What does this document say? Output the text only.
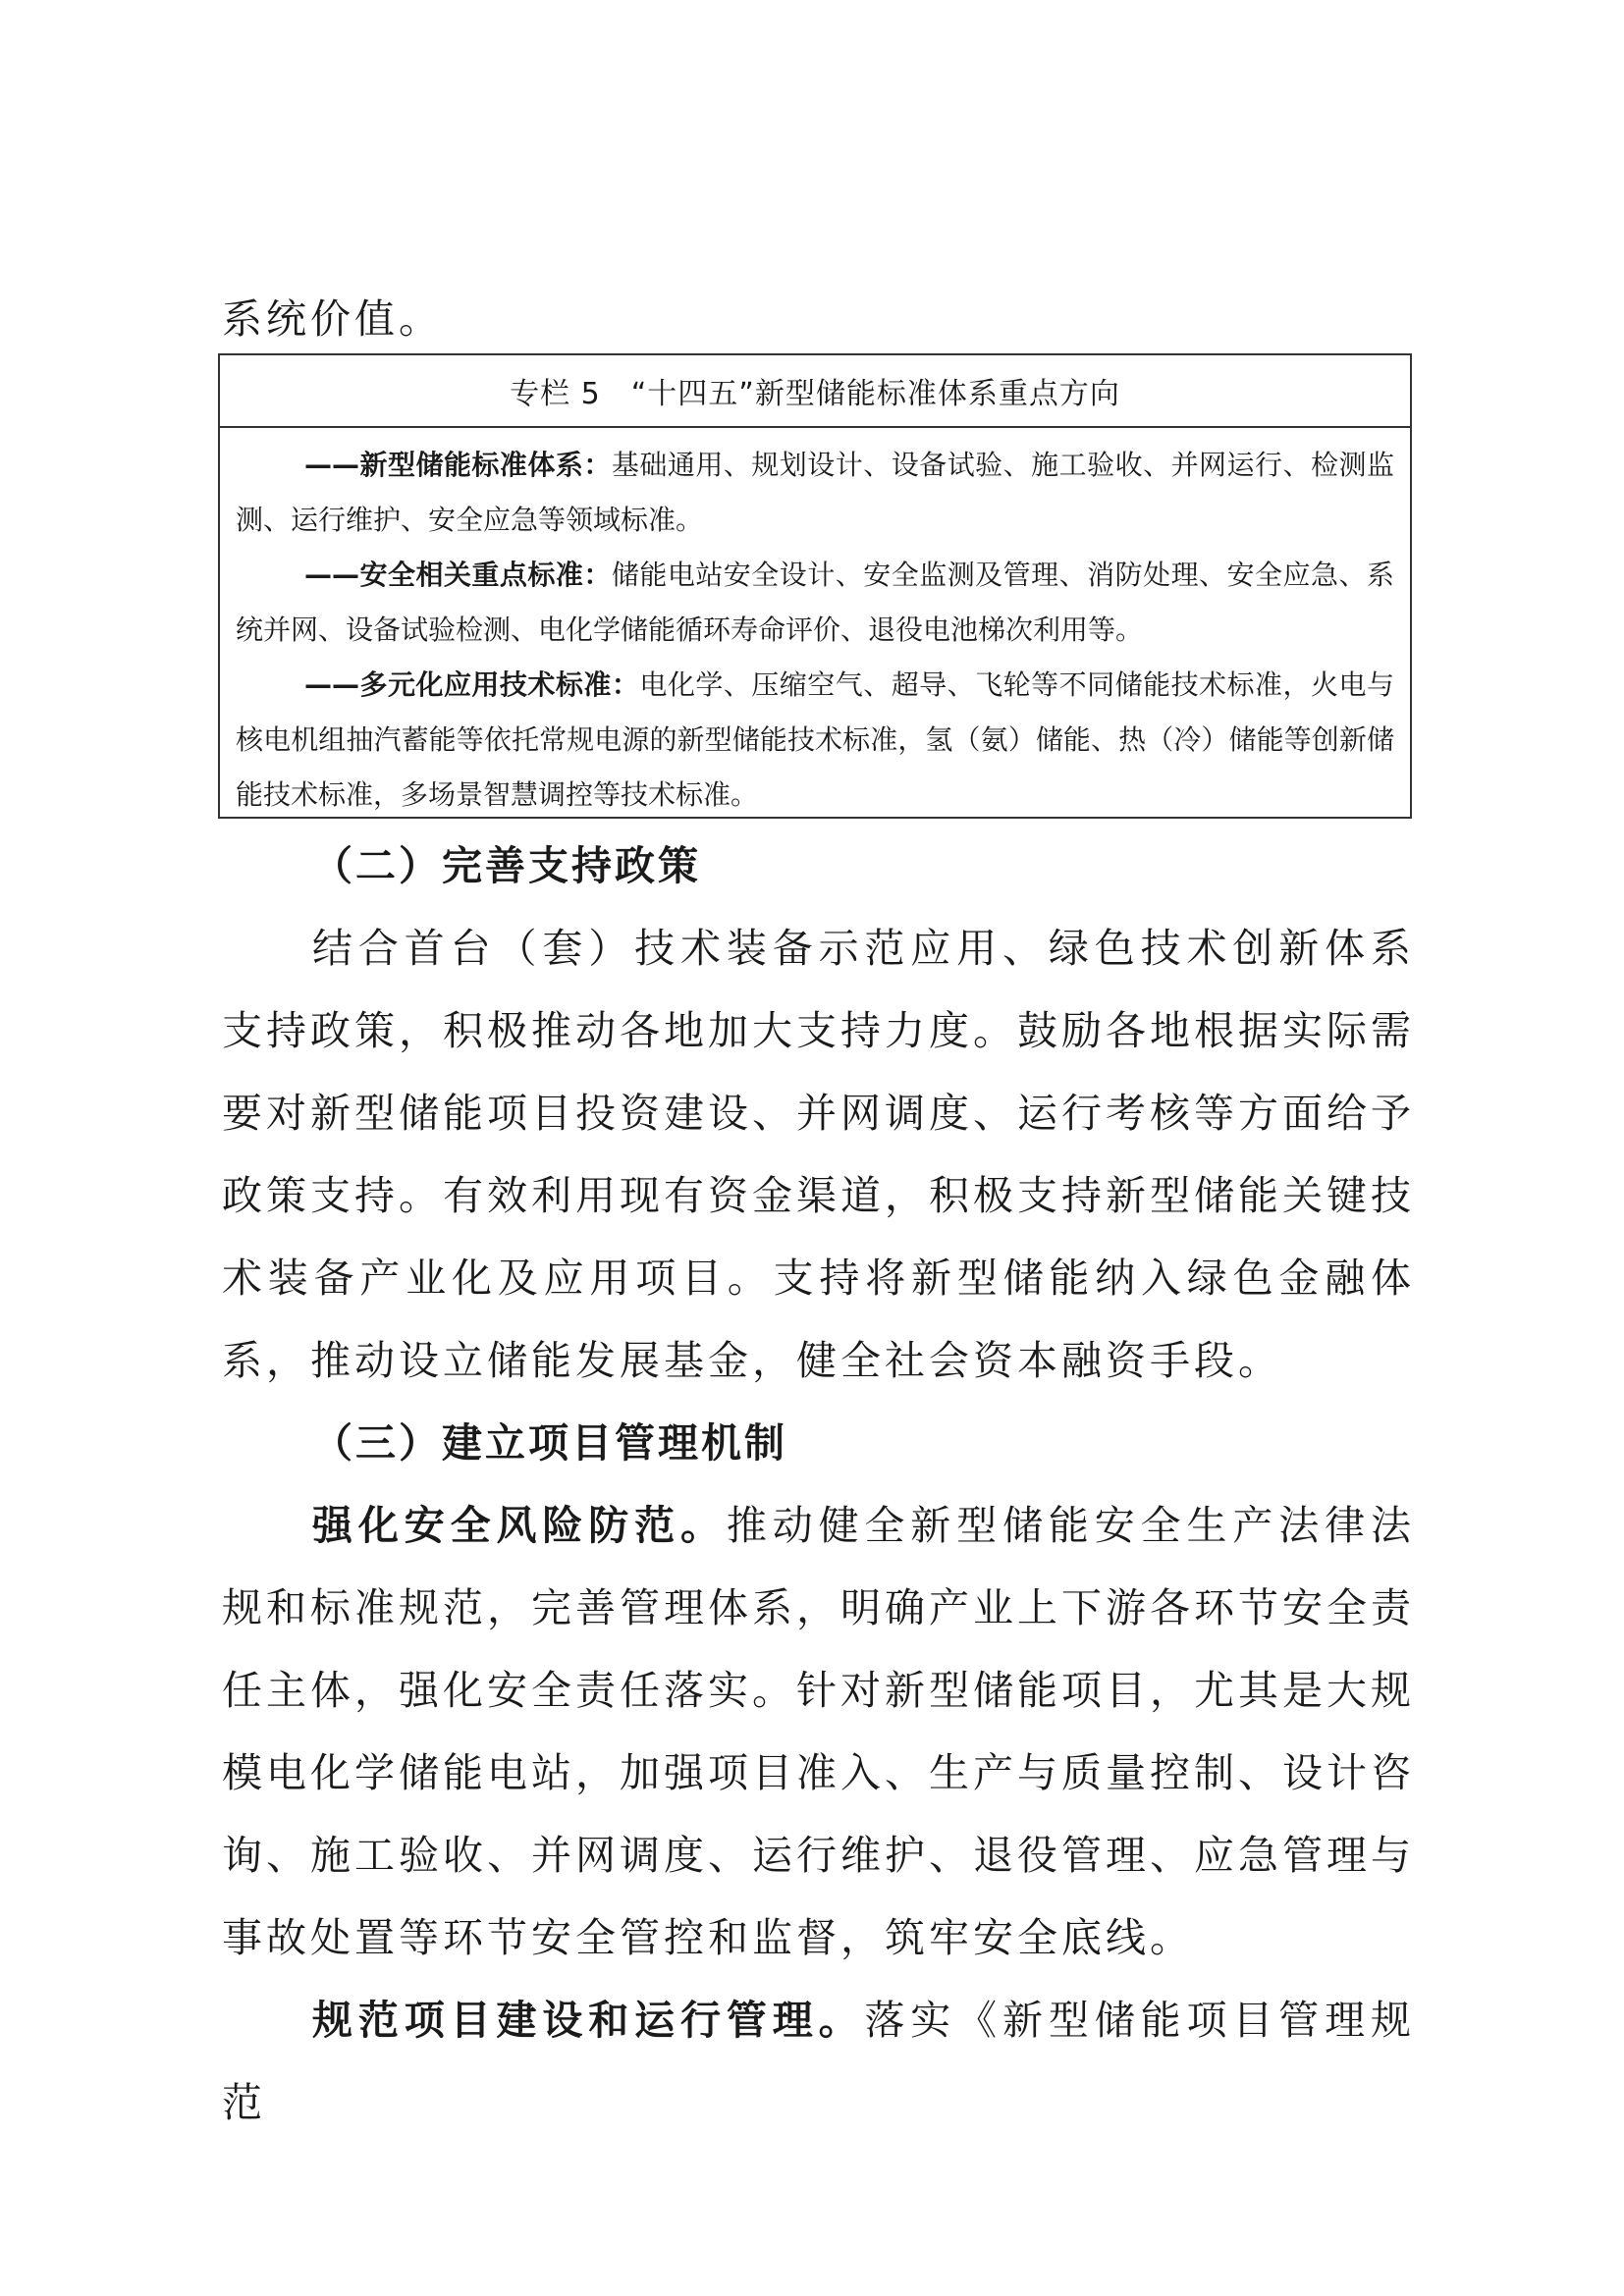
系统价值。

专栏 5　“十四五”新型储能标准体系重点方向

——新型储能标准体系：基础通用、规划设计、设备试验、施工验收、并网运行、检测监测、运行维护、安全应急等领域标准。

——安全相关重点标准：储能电站安全设计、安全监测及管理、消防处理、安全应急、系统并网、设备试验检测、电化学储能循环寿命评价、退役电池梯次利用等。

——多元化应用技术标准：电化学、压缩空气、超导、飞轮等不同储能技术标准，火电与核电机组抽汽蓄能等依托常规电源的新型储能技术标准，氢（氨）储能、热（冷）储能等创新储能技术标准，多场景智慧调控等技术标准。

（二）完善支持政策

结合首台（套）技术装备示范应用、绿色技术创新体系支持政策，积极推动各地加大支持力度。鼓励各地根据实际需要对新型储能项目投资建设、并网调度、运行考核等方面给予政策支持。有效利用现有资金渠道，积极支持新型储能关键技术装备产业化及应用项目。支持将新型储能纳入绿色金融体系，推动设立储能发展基金，健全社会资本融资手段。

（三）建立项目管理机制

强化安全风险防范。推动健全新型储能安全生产法律法规和标准规范，完善管理体系，明确产业上下游各环节安全责任主体，强化安全责任落实。针对新型储能项目，尤其是大规模电化学储能电站，加强项目准入、生产与质量控制、设计咨询、施工验收、并网调度、运行维护、退役管理、应急管理与事故处置等环节安全管控和监督，筑牢安全底线。

规范项目建设和运行管理。落实《新型储能项目管理规范
